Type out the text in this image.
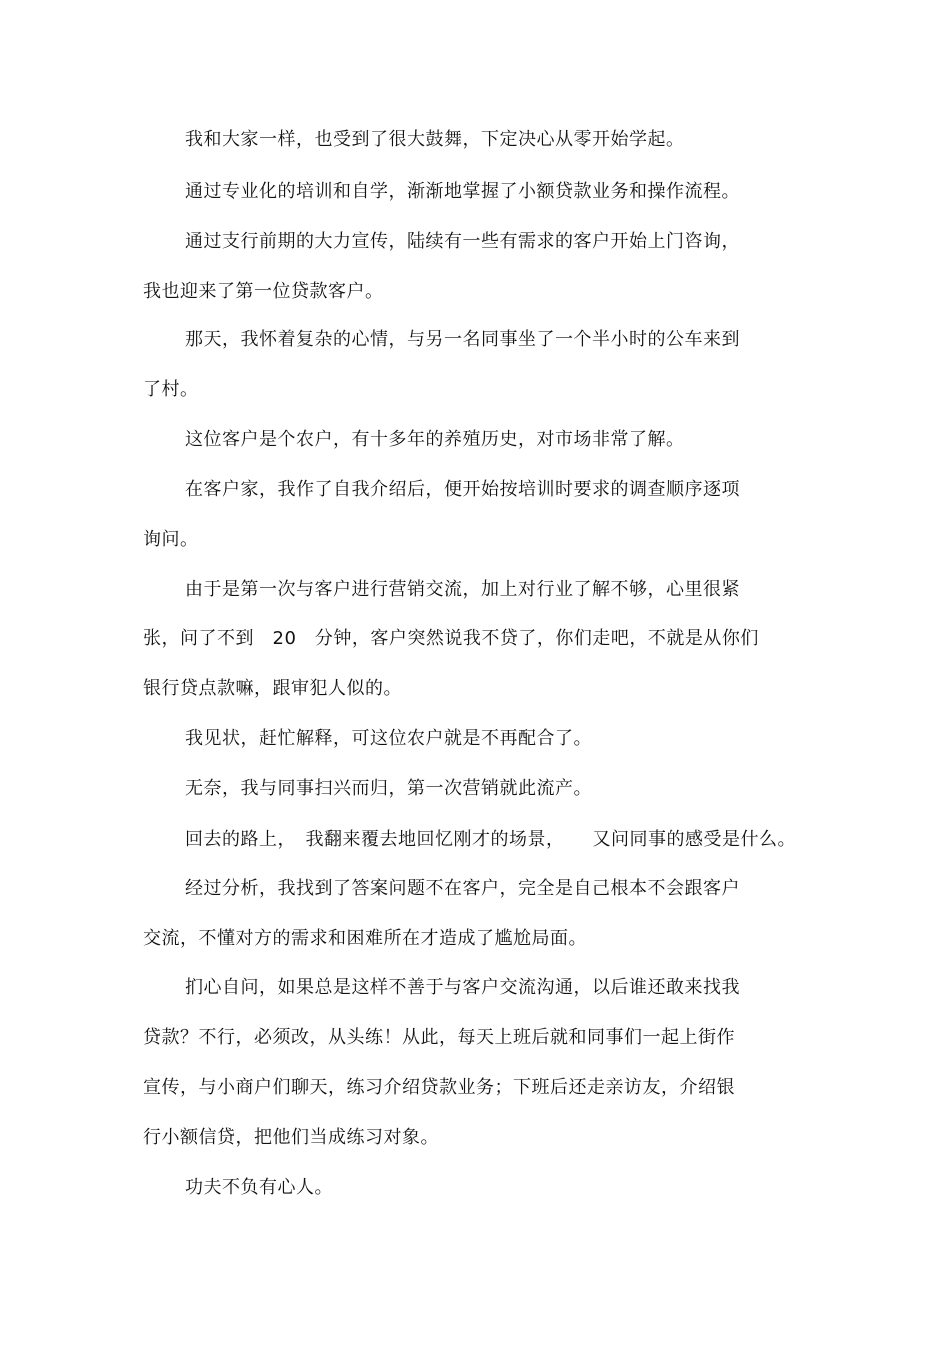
我和大家一样，也受到了很大鼓舞，下定决心从零开始学起。
通过专业化的培训和自学，渐渐地掌握了小额贷款业务和操作流程。
通过支行前期的大力宣传，陆续有一些有需求的客户开始上门咨询，
我也迎来了第一位贷款客户。
那天，我怀着复杂的心情，与另一名同事坐了一个半小时的公车来到
了村。
这位客户是个农户，有十多年的养殖历史，对市场非常了解。
在客户家，我作了自我介绍后，便开始按培训时要求的调查顺序逐项
询问。
由于是第一次与客户进行营销交流，加上对行业了解不够，心里很紧
张，问了不到　20　分钟，客户突然说我不贷了，你们走吧，不就是从你们
银行贷点款嘛，跟审犯人似的。
我见状，赶忙解释，可这位农户就是不再配合了。
无奈，我与同事扫兴而归，第一次营销就此流产。
回去的路上，　我翻来覆去地回忆刚才的场景，　　又问同事的感受是什么。
经过分析，我找到了答案问题不在客户，完全是自己根本不会跟客户
交流，不懂对方的需求和困难所在才造成了尴尬局面。
扪心自问，如果总是这样不善于与客户交流沟通，以后谁还敢来找我
贷款？不行，必须改，从头练！从此，每天上班后就和同事们一起上街作
宣传，与小商户们聊天，练习介绍贷款业务；下班后还走亲访友，介绍银
行小额信贷，把他们当成练习对象。
功夫不负有心人。
